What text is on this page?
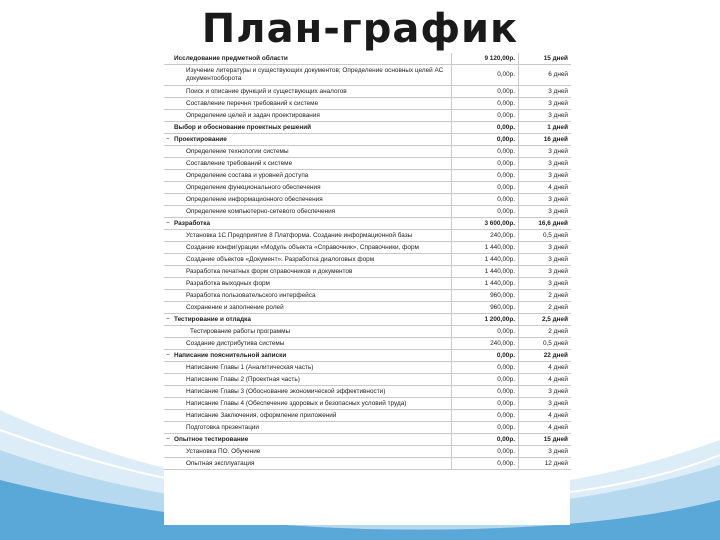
План-график
Исследование предметной области	9 120,00р.	15 дней
Изучение литературы и существующих документов; Определение основных целей АС документооборота	0,00р.	6 дней
Поиск и описание функций и существующих аналогов	0,00р.	3 дней
Составление перечня требований к системе	0,00р.	3 дней
Определение целей и задач проектирования	0,00р.	3 дней
Выбор и обоснование проектных решений	0,00р.	1 дней
− Проектирование	0,00р.	16 дней
Определение технологии системы	0,00р.	3 дней
Составление требований к системе	0,00р.	3 дней
Определение состава и уровней доступа	0,00р.	3 дней
Определение функционального обеспечения	0,00р.	4 дней
Определение информационного обеспечения	0,00р.	3 дней
Определение компьютерно-сетевого обеспечения	0,00р.	3 дней
− Разработка	3 600,00р.	16,6 дней
Установка 1С Предприятие 8 Платформа. Создание информационной базы	240,00р.	0,5 дней
Создание конфигурации «Модуль объекта «Справочник», Справочники, форм	1 440,00р.	3 дней
Создание объектов «Документ». Разработка диалоговых форм	1 440,00р.	3 дней
Разработка печатных форм справочников и документов	1 440,00р.	3 дней
Разработка выходных форм	1 440,00р.	3 дней
Разработка пользовательского интерфейса	960,00р.	2 дней
Сохранение и заполнение ролей	960,00р.	2 дней
− Тестирование и отладка	1 200,00р.	2,5 дней
Тестирование работы программы	0,00р.	2 дней
Создание дистрибутива системы	240,00р.	0,5 дней
− Написание пояснительной записки	0,00р.	22 дней
Написание Главы 1 (Аналитическая часть)	0,00р.	4 дней
Написание Главы 2 (Проектная часть)	0,00р.	4 дней
Написание Главы 3 (Обоснование экономической эффективности)	0,00р.	3 дней
Написание Главы 4 (Обеспечение здоровых и безопасных условий труда)	0,00р.	3 дней
Написание Заключения, оформление приложений	0,00р.	4 дней
Подготовка презентации	0,00р.	4 дней
− Опытное тестирование	0,00р.	15 дней
Установка ПО. Обучение	0,00р.	3 дней
Опытная эксплуатация	0,00р.	12 дней
